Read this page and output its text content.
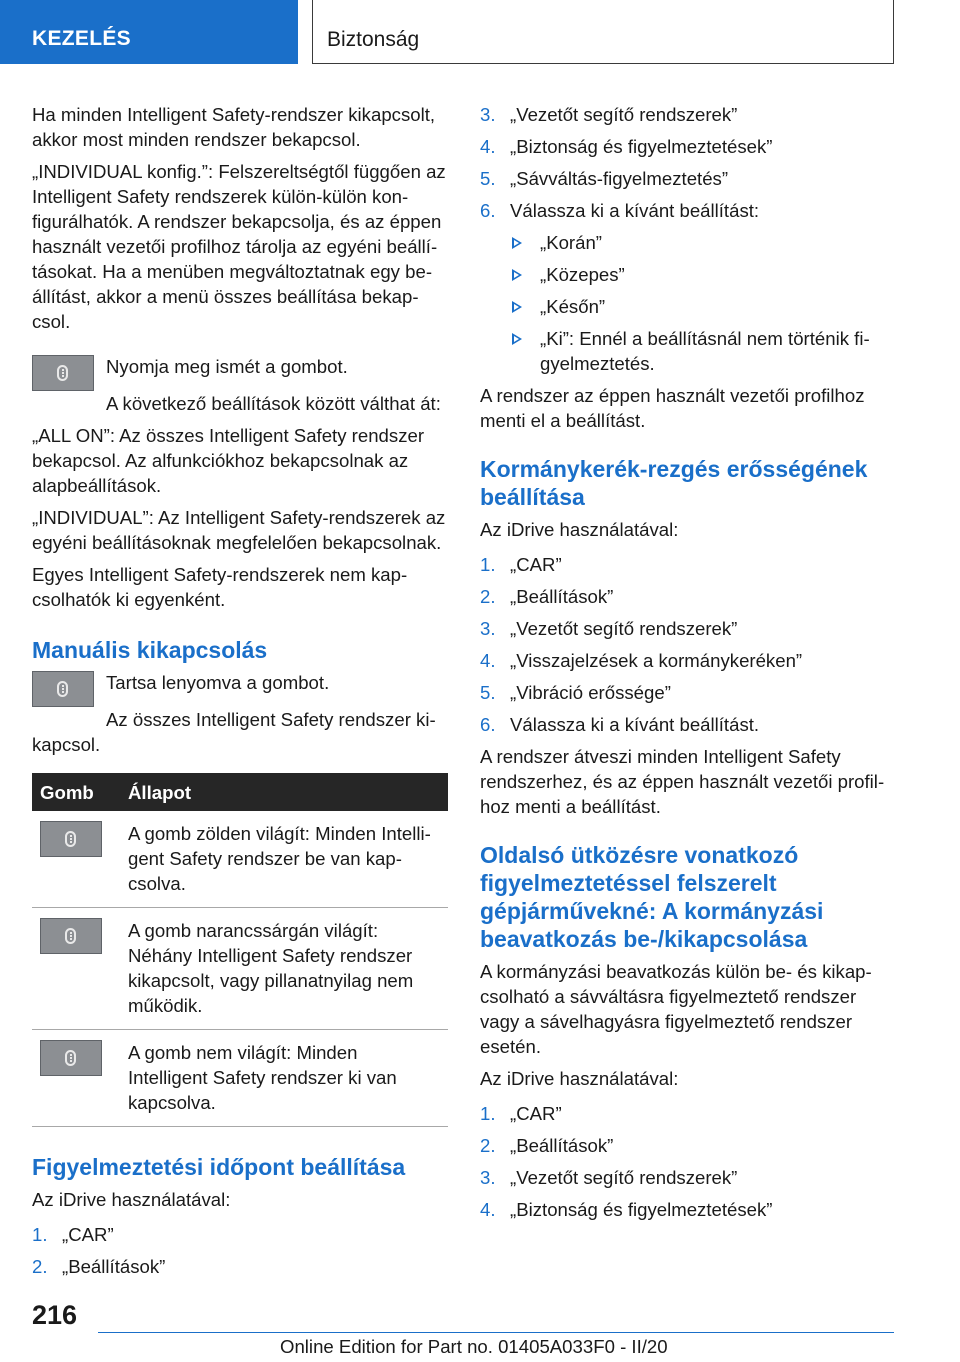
KEZELÉS	Biztonság

Ha minden Intelligent Safety-rendszer kikapcsolt, akkor most minden rendszer bekapcsol.

„INDIVIDUAL konfig.”: Felszereltségtől függően az Intelligent Safety rendszerek külön-külön konfigurálhatók. A rendszer bekapcsolja, és az éppen használt vezetői profilhoz tárolja az egyéni beállításokat. Ha a menüben megváltoztatnak egy beállítást, akkor a menü összes beállítása bekapcsol.

Nyomja meg ismét a gombot.

A következő beállítások között válthat át:

„ALL ON”: Az összes Intelligent Safety rendszer bekapcsol. Az alfunkciókhoz bekapcsolnak az alapbeállítások.

„INDIVIDUAL”: Az Intelligent Safety-rendszerek az egyéni beállításoknak megfelelően bekapcsolnak.

Egyes Intelligent Safety-rendszerek nem kapcsolhatók ki egyenként.

Manuális kikapcsolás

Tartsa lenyomva a gombot.

Az összes Intelligent Safety rendszer kikapcsol.

Gomb	Állapot

	A gomb zölden világít: Minden Intelligent Safety rendszer be van kapcsolva.

	A gomb narancssárgán világít: Néhány Intelligent Safety rendszer kikapcsolt, vagy pillanatnyilag nem működik.

	A gomb nem világít: Minden Intelligent Safety rendszer ki van kapcsolva.
Figyelmeztetési időpont beállítása

Az iDrive használatával:

1. „CAR”
2. „Beállítások”
3. „Vezetőt segítő rendszerek”
4. „Biztonság és figyelmeztetések”
5. „Sávváltás-figyelmeztetés”
6. Válassza ki a kívánt beállítást:
„Korán”
„Közepes”
„Későn”
„Ki”: Ennél a beállításnál nem történik figyelmeztetés.

A rendszer az éppen használt vezetői profilhoz menti el a beállítást.

Kormánykerék-rezgés erősségének beállítása

Az iDrive használatával:

1. „CAR”
2. „Beállítások”
3. „Vezetőt segítő rendszerek”
4. „Visszajelzések a kormánykeréken”
5. „Vibráció erőssége”
6. Válassza ki a kívánt beállítást.

A rendszer átveszi minden Intelligent Safety rendszerhez, és az éppen használt vezetői profilhoz menti a beállítást.

Oldalsó ütközésre vonatkozó figyelmeztetéssel felszerelt gépjárművekné: A kormányzási beavatkozás be-/kikapcsolása

A kormányzási beavatkozás külön be- és kikapcsolható a sávváltásra figyelmeztető rendszer vagy a sávelhagyásra figyelmeztető rendszer esetén.

Az iDrive használatával:

1. „CAR”
2. „Beállítások”
3. „Vezetőt segítő rendszerek”
4. „Biztonság és figyelmeztetések”
216
Online Edition for Part no. 01405A033F0 - II/20
